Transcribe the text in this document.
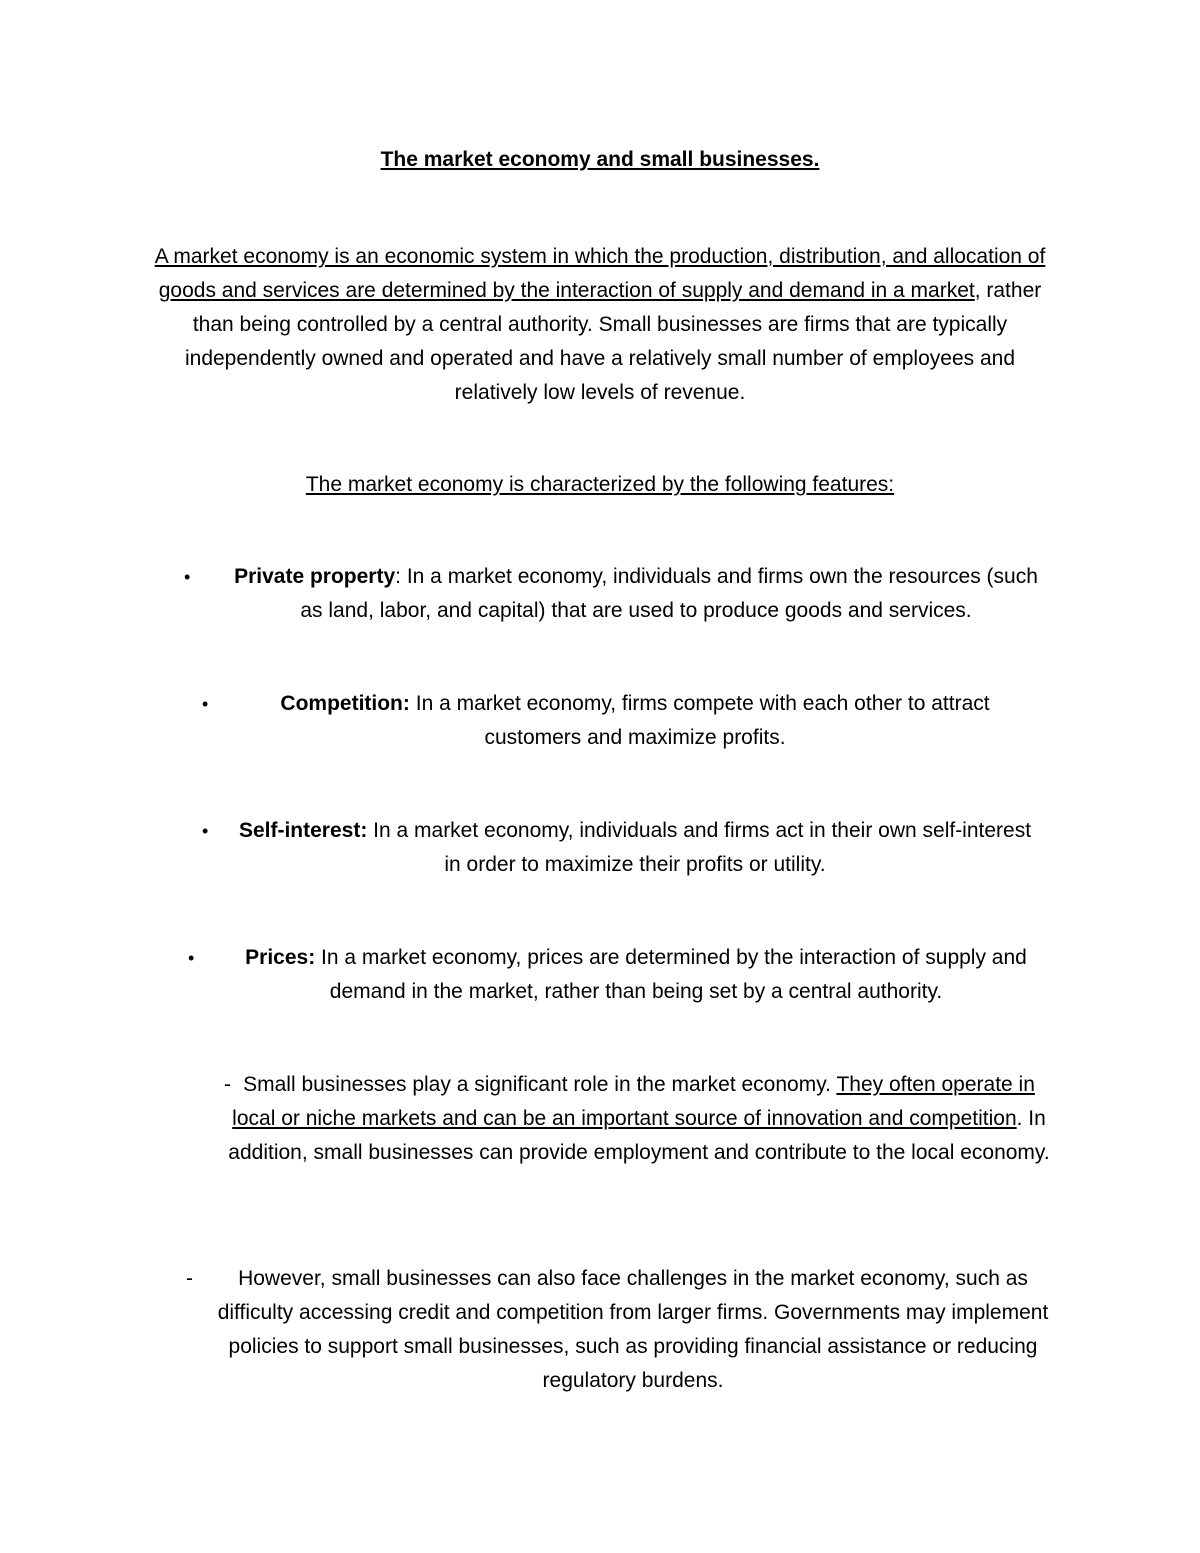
The market economy and small businesses.

A market economy is an economic system in which the production, distribution, and allocation of goods and services are determined by the interaction of supply and demand in a market, rather than being controlled by a central authority. Small businesses are firms that are typically independently owned and operated and have a relatively small number of employees and relatively low levels of revenue.

The market economy is characterized by the following features:

•	Private property: In a market economy, individuals and firms own the resources (such as land, labor, and capital) that are used to produce goods and services.
•	Competition: In a market economy, firms compete with each other to attract customers and maximize profits.
•	Self-interest: In a market economy, individuals and firms act in their own self-interest in order to maximize their profits or utility.
•	Prices: In a market economy, prices are determined by the interaction of supply and demand in the market, rather than being set by a central authority.
- Small businesses play a significant role in the market economy. They often operate in local or niche markets and can be an important source of innovation and competition. In addition, small businesses can provide employment and contribute to the local economy.
-	However, small businesses can also face challenges in the market economy, such as difficulty accessing credit and competition from larger firms. Governments may implement policies to support small businesses, such as providing financial assistance or reducing regulatory burdens.
